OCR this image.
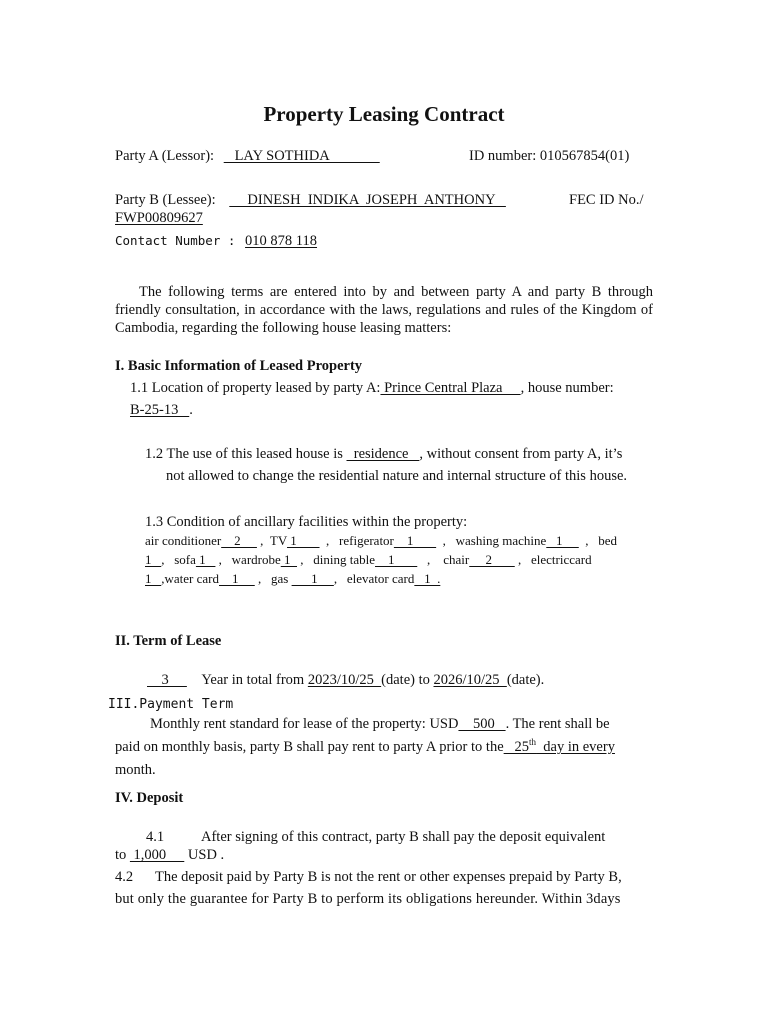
Property Leasing Contract
Party A (Lessor):    LAY SOTHIDA	ID number: 010567854(01)
Party B (Lessee):      DINESH  INDIKA  JOSEPH  ANTHONY	FEC ID No./
FWP00809627
Contact Number : 010 878 118
The following terms are entered into by and between party A and party B through friendly consultation, in accordance with the laws, regulations and rules of the Kingdom of Cambodia, regarding the following house leasing matters:
I. Basic Information of Leased Property
1.1 Location of property leased by party A: Prince Central Plaza     , house number:
B-25-13   .
1.2 The use of this leased house is   residence   , without consent from party A, it’s
not allowed to change the residential nature and internal structure of this house.
1.3 Condition of ancillary facilities within the property:
air conditioner    2      ,  TV 1         ,   refigerator    1         ,   washing machine   1       ,   bed
1   ,   sofa 1    ,   wardrobe 1   ,   dining table    1          ,    chair     2        ,   electriccard
1   ,water card    1      ,   gas       1     ,   elevator card   1  .
II. Term of Lease
3         Year in total from 2023/10/25  (date) to 2026/10/25  (date).
III.Payment Term
Monthly rent standard for lease of the property: USD    500   . The rent shall be
paid on monthly basis, party B shall pay rent to party A prior to the   25th  day in every
month.
IV. Deposit
4.1	After signing of this contract, party B shall pay the deposit equivalent
to  1,000      USD .
4.2 The deposit paid by Party B is not the rent or other expenses prepaid by Party B,
but only the guarantee for Party B to perform its obligations hereunder. Within 3days
